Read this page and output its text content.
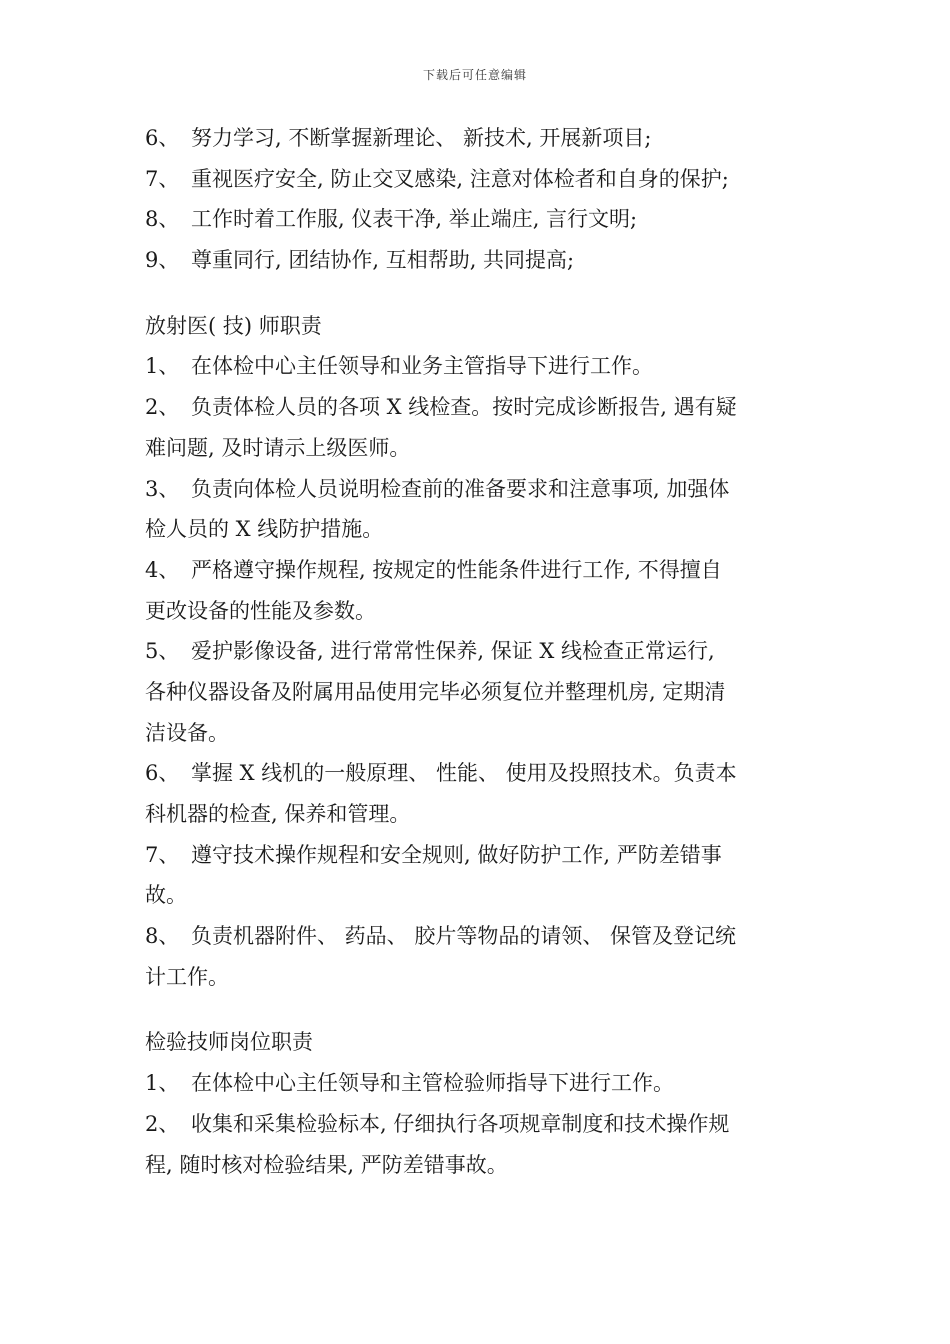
下载后可任意编辑
6、 努力学习, 不断掌握新理论、 新技术, 开展新项目;
7、 重视医疗安全, 防止交叉感染, 注意对体检者和自身的保护;
8、 工作时着工作服, 仪表干净, 举止端庄, 言行文明;
9、 尊重同行, 团结协作, 互相帮助, 共同提高;
放射医( 技) 师职责
1、 在体检中心主任领导和业务主管指导下进行工作。
2、 负责体检人员的各项 X 线检查。按时完成诊断报告, 遇有疑
难问题, 及时请示上级医师。
3、 负责向体检人员说明检查前的准备要求和注意事项, 加强体
检人员的 X 线防护措施。
4、 严格遵守操作规程, 按规定的性能条件进行工作, 不得擅自
更改设备的性能及参数。
5、 爱护影像设备, 进行常常性保养, 保证 X 线检查正常运行,
各种仪器设备及附属用品使用完毕必须复位并整理机房, 定期清
洁设备。
6、 掌握 X 线机的一般原理、 性能、 使用及投照技术。负责本
科机器的检查, 保养和管理。
7、 遵守技术操作规程和安全规则, 做好防护工作, 严防差错事
故。
8、 负责机器附件、 药品、 胶片等物品的请领、 保管及登记统
计工作。
检验技师岗位职责
1、 在体检中心主任领导和主管检验师指导下进行工作。
2、 收集和采集检验标本, 仔细执行各项规章制度和技术操作规
程, 随时核对检验结果, 严防差错事故。
